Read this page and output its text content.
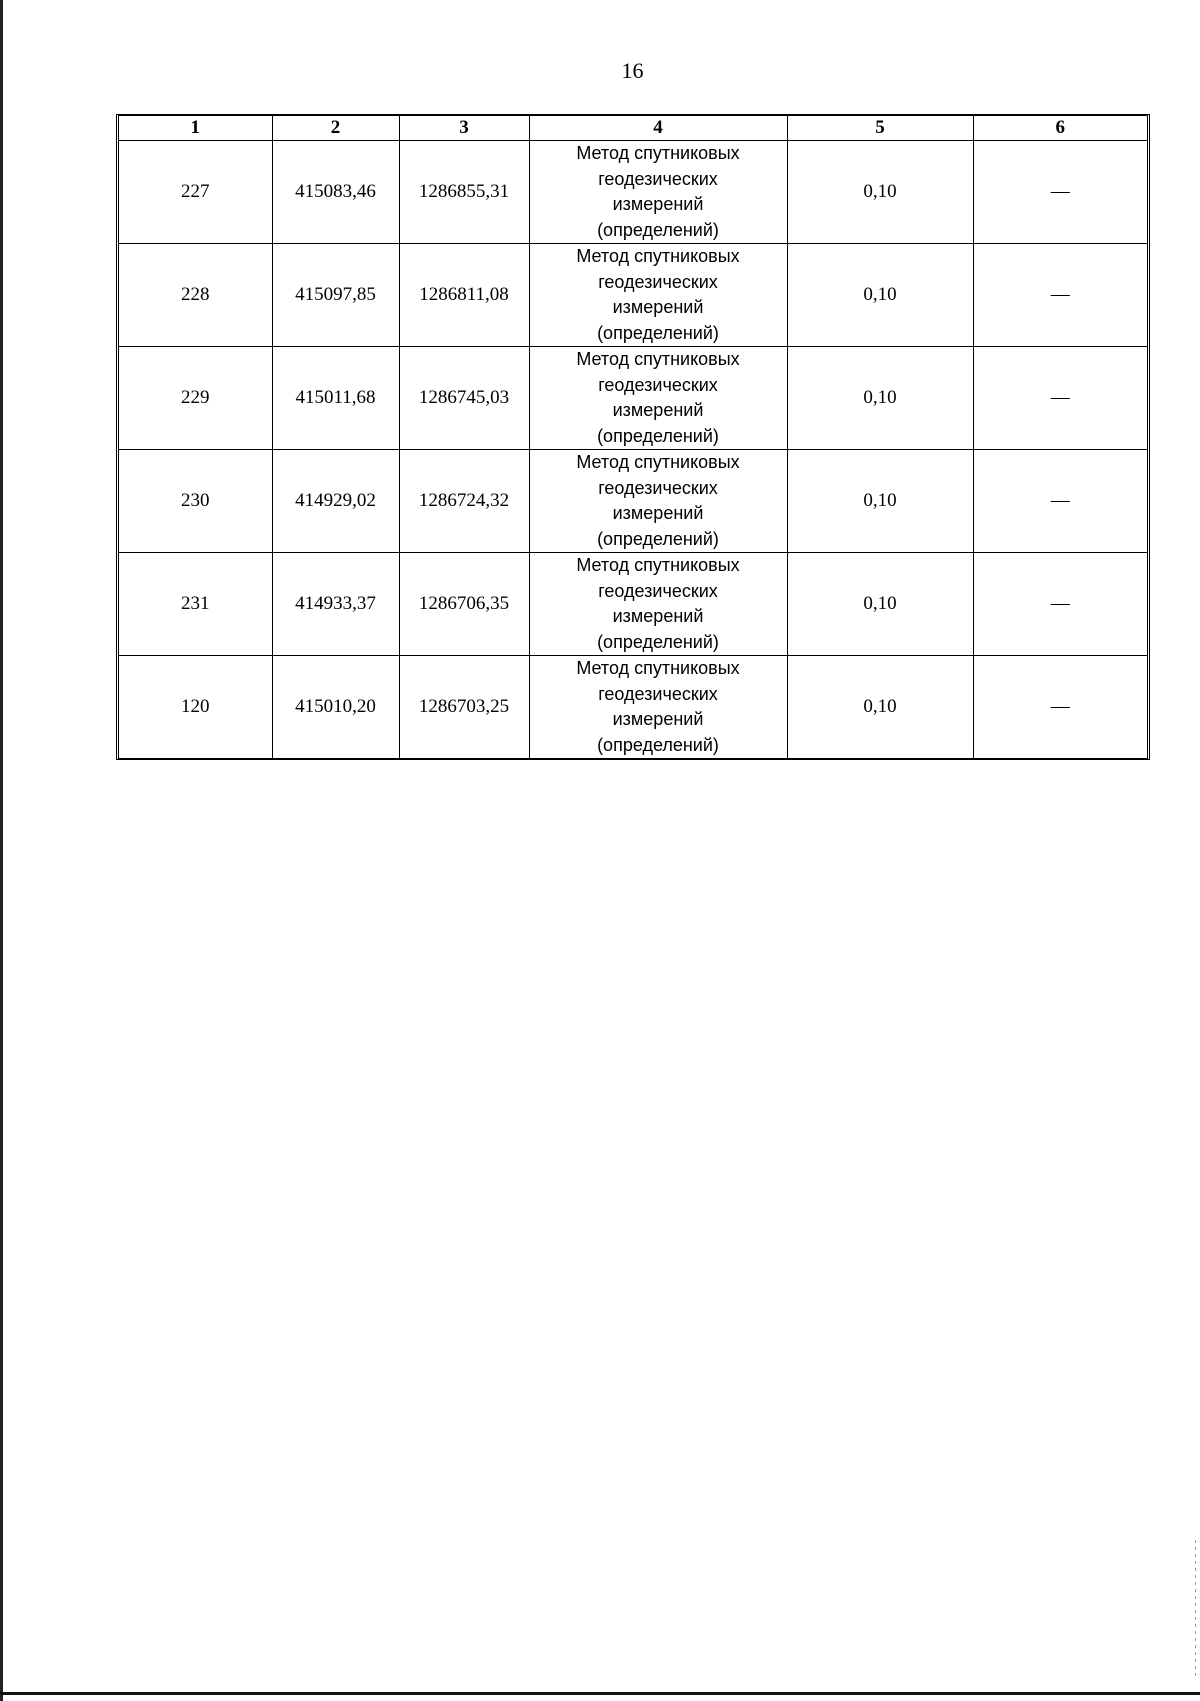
16
1	2	3	4	5	6
227	415083,46	1286855,31	Метод спутниковых
геодезических
измерений
(определений)	0,10	—
228	415097,85	1286811,08	Метод спутниковых
геодезических
измерений
(определений)	0,10	—
229	415011,68	1286745,03	Метод спутниковых
геодезических
измерений
(определений)	0,10	—
230	414929,02	1286724,32	Метод спутниковых
геодезических
измерений
(определений)	0,10	—
231	414933,37	1286706,35	Метод спутниковых
геодезических
измерений
(определений)	0,10	—
120	415010,20	1286703,25	Метод спутниковых
геодезических
измерений
(определений)	0,10	—
